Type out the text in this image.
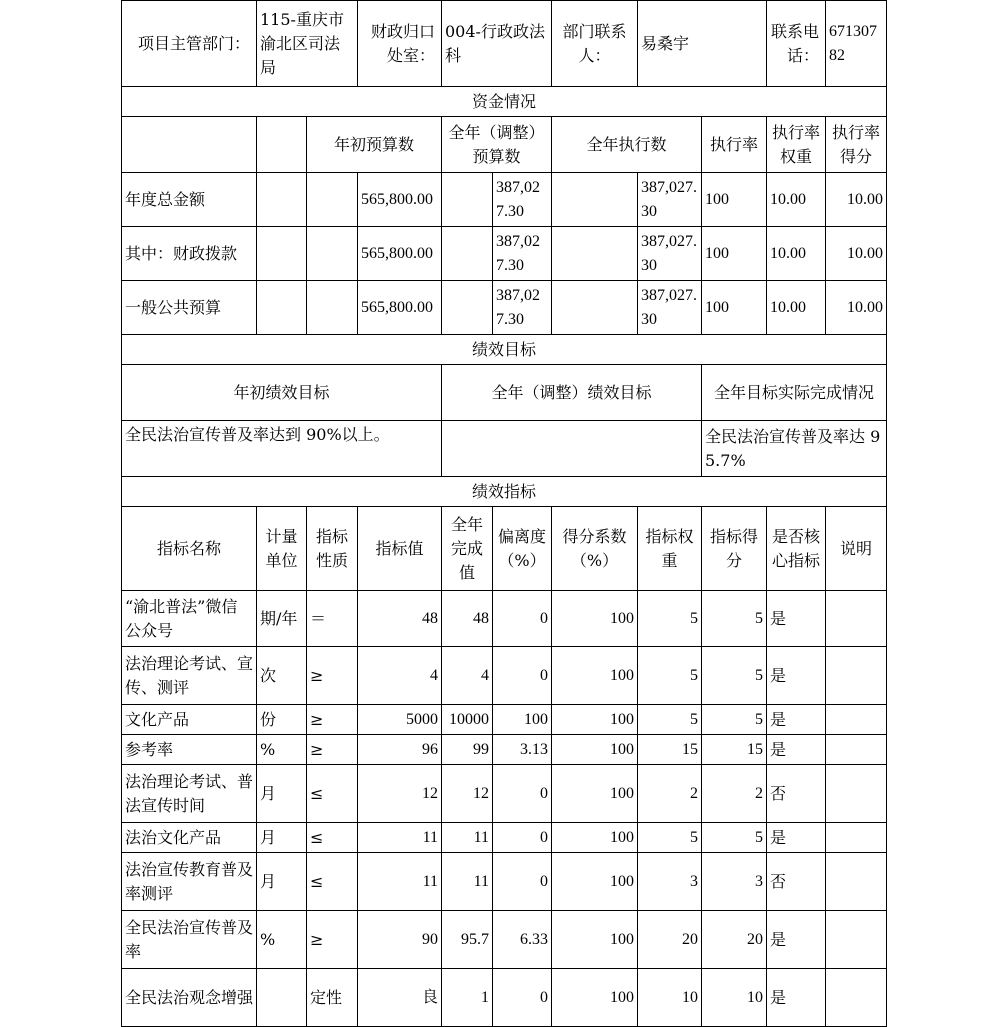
项目主管部门：	115-重庆市渝北区司法局		财政归口处室：	004-行政政法科		部门联系人：	易桑宇		联系电话：	67130782
资金情况										
		年初预算数		全年（调整）预算数		全年执行数		执行率	执行率权重	执行率得分
年度总金额			565,800.00		387,027.30		387,027.30	100	10.00	10.00
其中：财政拨款			565,800.00		387,027.30		387,027.30	100	10.00	10.00
一般公共预算			565,800.00		387,027.30		387,027.30	100	10.00	10.00
绩效目标										
年初绩效目标				全年（调整）绩效目标				全年目标实际完成情况		
全民法治宣传普及率达到 90%以上。								全民法治宣传普及率达 95.7%		
绩效指标										
指标名称	计量单位	指标性质	指标值	全年完成值	偏离度（%）	得分系数（%）	指标权重	指标得分	是否核心指标	说明
“渝北普法”微信公众号	期/年	＝	48	48	0	100	5	5	是	
法治理论考试、宣传、测评	次	≥	4	4	0	100	5	5	是	
文化产品	份	≥	5000	10000	100	100	5	5	是	
参考率	%	≥	96	99	3.13	100	15	15	是	
法治理论考试、普法宣传时间	月	≤	12	12	0	100	2	2	否	
法治文化产品	月	≤	11	11	0	100	5	5	是	
法治宣传教育普及率测评	月	≤	11	11	0	100	3	3	否	
全民法治宣传普及率	%	≥	90	95.7	6.33	100	20	20	是	
全民法治观念增强		定性	良	1	0	100	10	10	是	
